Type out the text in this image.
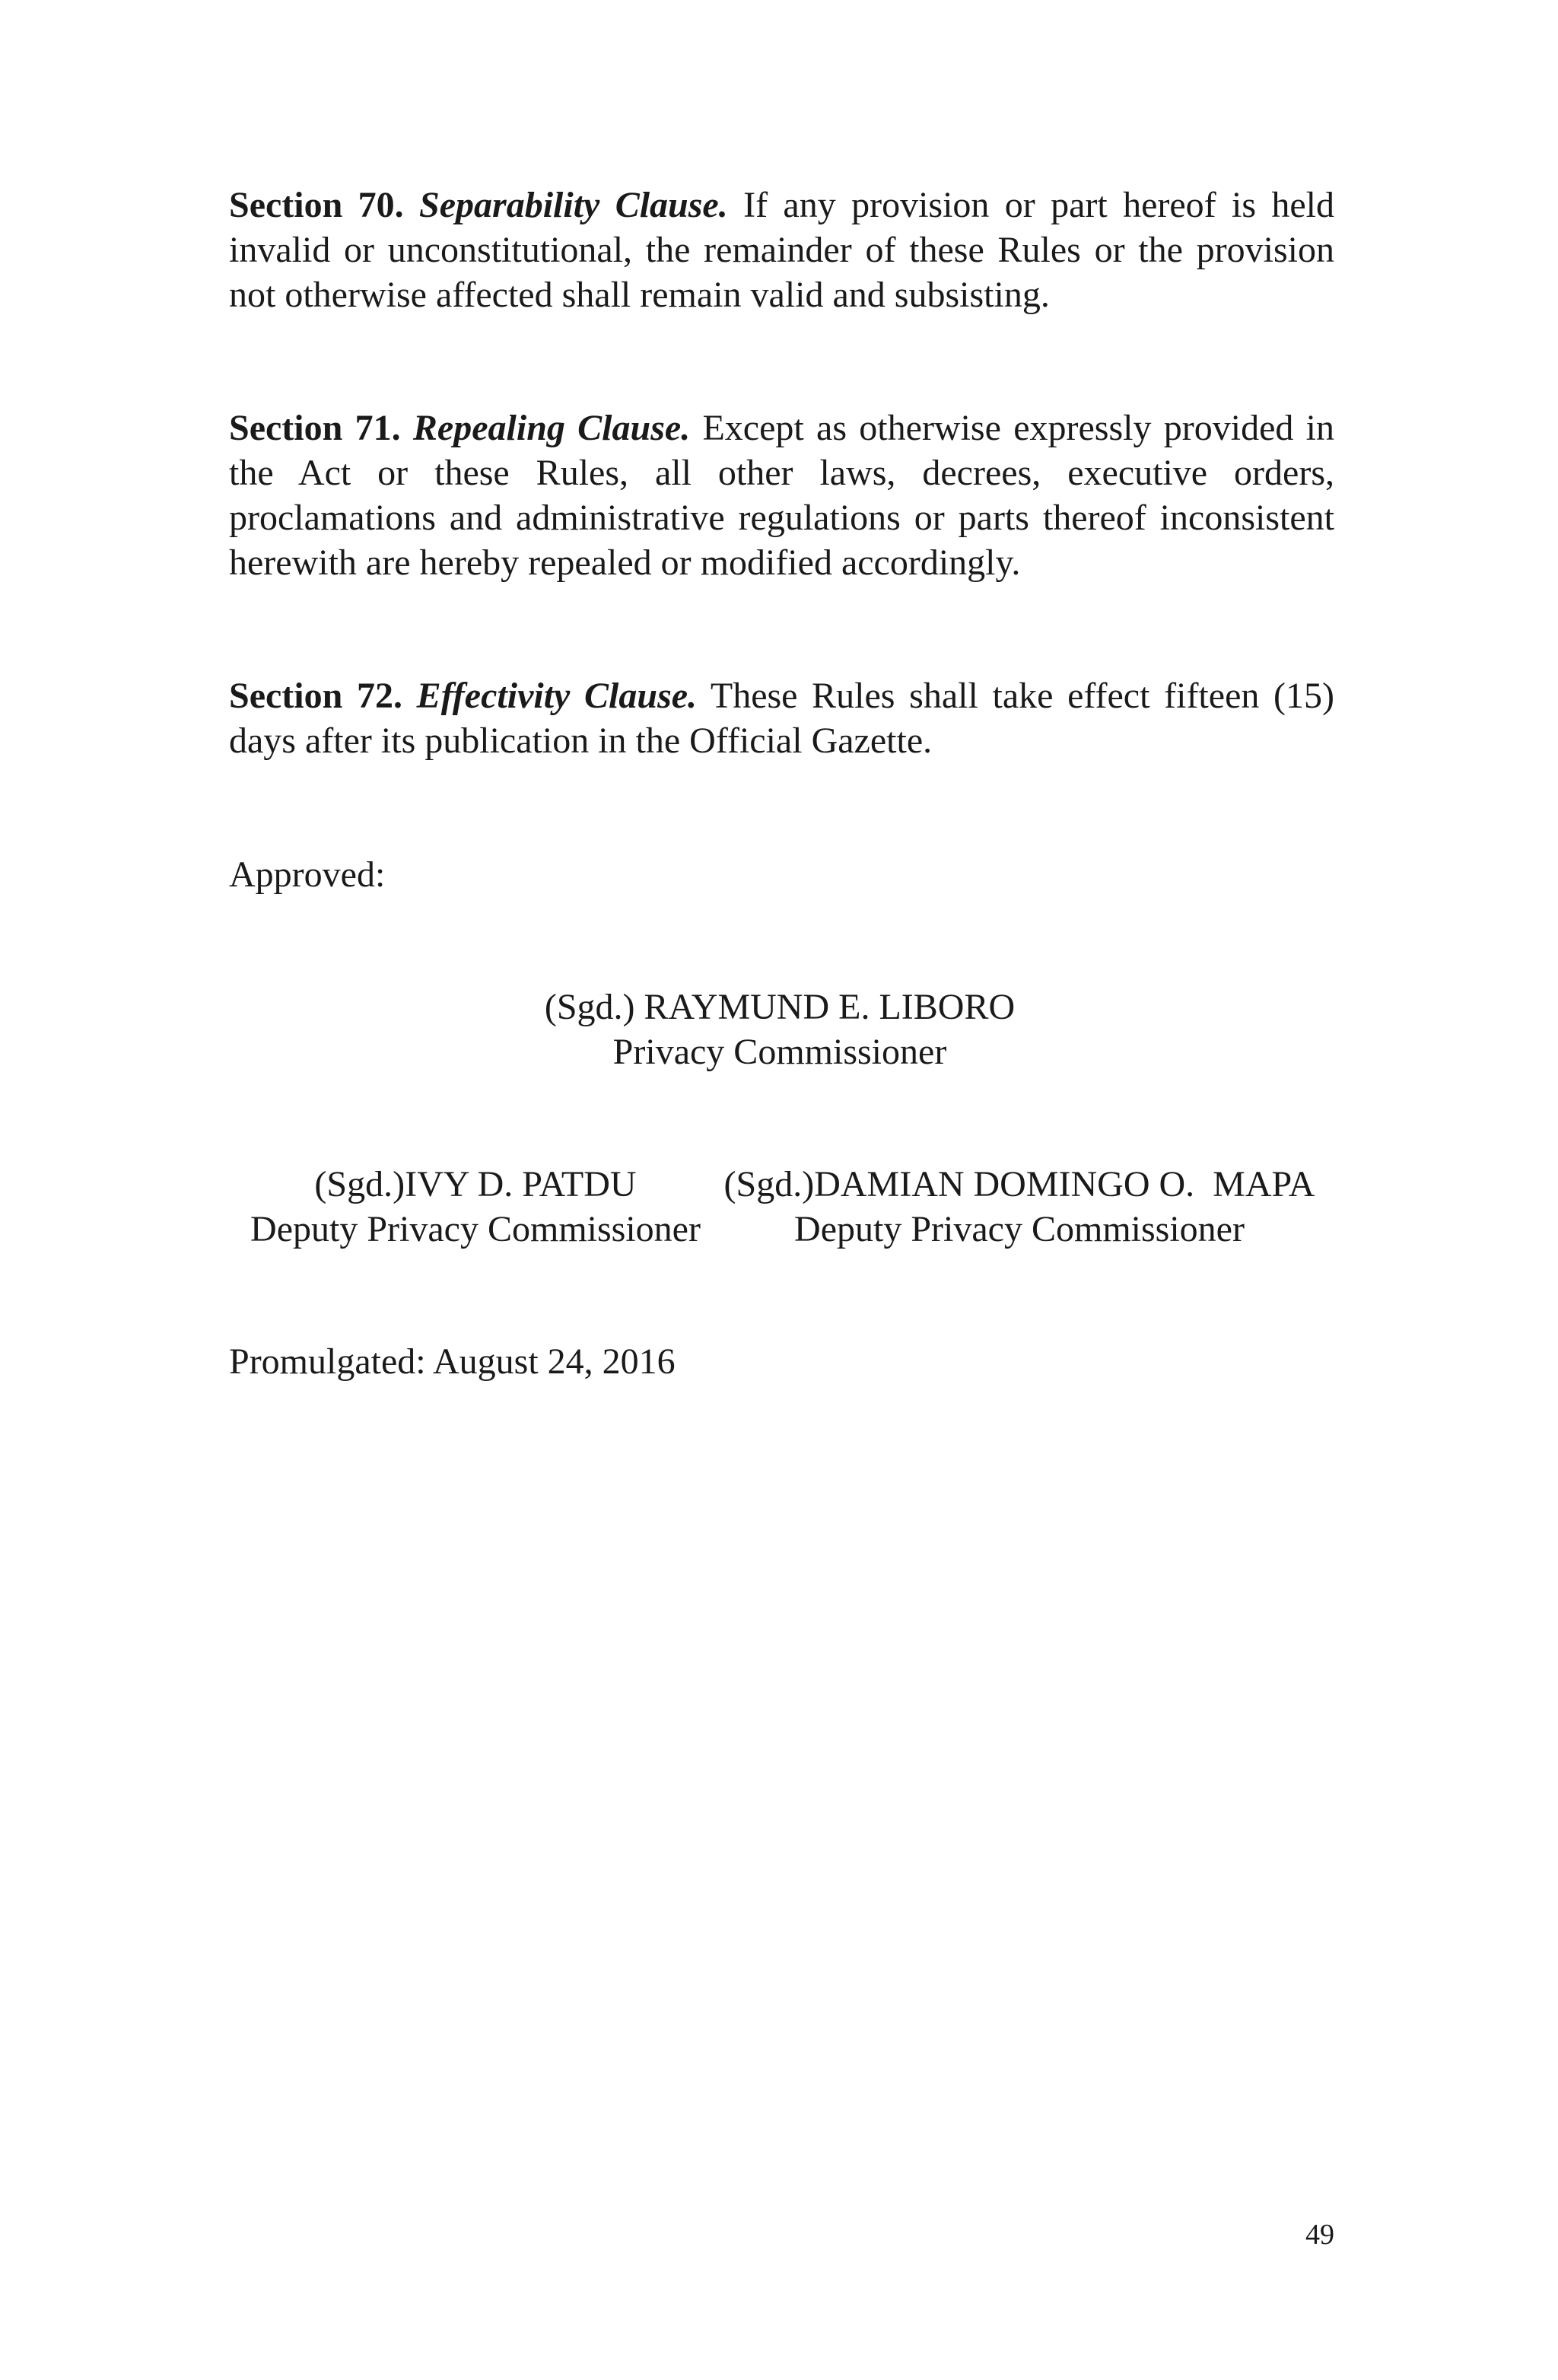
Section 70. Separability Clause. If any provision or part hereof is held invalid or unconstitutional, the remainder of these Rules or the provision not otherwise affected shall remain valid and subsisting.

Section 71. Repealing Clause. Except as otherwise expressly provided in the Act or these Rules, all other laws, decrees, executive orders, proclamations and administrative regulations or parts thereof inconsistent herewith are hereby repealed or modified accordingly.

Section 72. Effectivity Clause. These Rules shall take effect fifteen (15) days after its publication in the Official Gazette.

Approved:

(Sgd.) RAYMUND E. LIBORO
Privacy Commissioner
(Sgd.)IVY D. PATDU
Deputy Privacy Commissioner
(Sgd.)DAMIAN DOMINGO O.  MAPA
Deputy Privacy Commissioner

Promulgated: August 24, 2016

49
